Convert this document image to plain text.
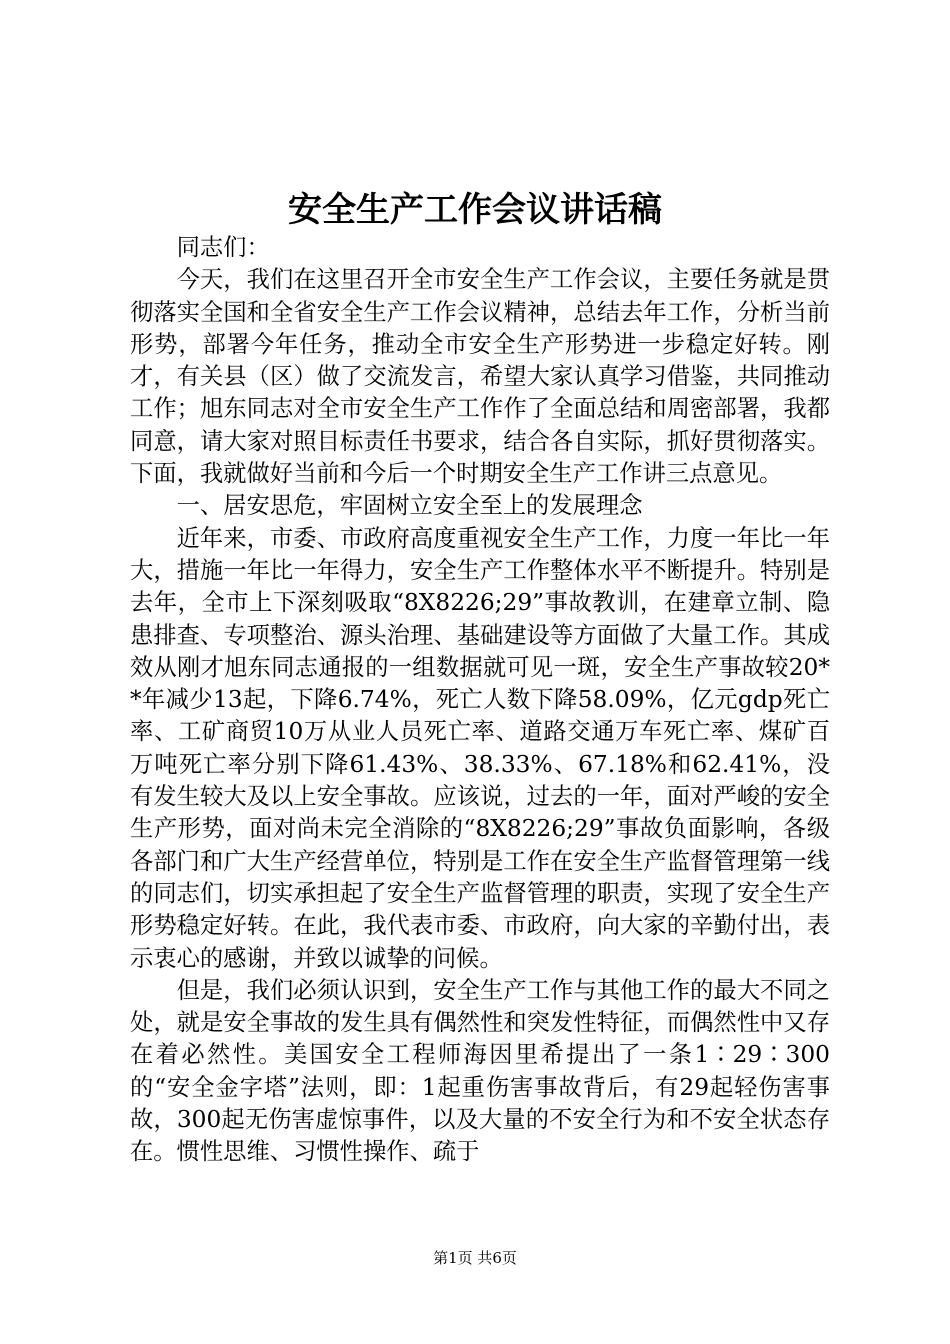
安全生产工作会议讲话稿

同志们：

今天，我们在这里召开全市安全生产工作会议，主要任务就是贯彻落实全国和全省安全生产工作会议精神，总结去年工作，分析当前形势，部署今年任务，推动全市安全生产形势进一步稳定好转。刚才，有关县（区）做了交流发言，希望大家认真学习借鉴，共同推动工作；旭东同志对全市安全生产工作作了全面总结和周密部署，我都同意，请大家对照目标责任书要求，结合各自实际，抓好贯彻落实。下面，我就做好当前和今后一个时期安全生产工作讲三点意见。

一、居安思危，牢固树立安全至上的发展理念

近年来，市委、市政府高度重视安全生产工作，力度一年比一年大，措施一年比一年得力，安全生产工作整体水平不断提升。特别是去年，全市上下深刻吸取“8X8226;29”事故教训，在建章立制、隐患排查、专项整治、源头治理、基础建设等方面做了大量工作。其成效从刚才旭东同志通报的一组数据就可见一斑，安全生产事故较20**年减少13起，下降6.74%，死亡人数下降58.09%，亿元gdp死亡率、工矿商贸10万从业人员死亡率、道路交通万车死亡率、煤矿百万吨死亡率分别下降61.43%、38.33%、67.18%和62.41%，没有发生较大及以上安全事故。应该说，过去的一年，面对严峻的安全生产形势，面对尚未完全消除的“8X8226;29”事故负面影响，各级各部门和广大生产经营单位，特别是工作在安全生产监督管理第一线的同志们，切实承担起了安全生产监督管理的职责，实现了安全生产形势稳定好转。在此，我代表市委、市政府，向大家的辛勤付出，表示衷心的感谢，并致以诚挚的问候。

但是，我们必须认识到，安全生产工作与其他工作的最大不同之处，就是安全事故的发生具有偶然性和突发性特征，而偶然性中又存在着必然性。美国安全工程师海因里希提出了一条1∶29∶300的“安全金字塔”法则，即：1起重伤害事故背后，有29起轻伤害事故，300起无伤害虚惊事件，以及大量的不安全行为和不安全状态存在。惯性思维、习惯性操作、疏于

第1页 共6页
